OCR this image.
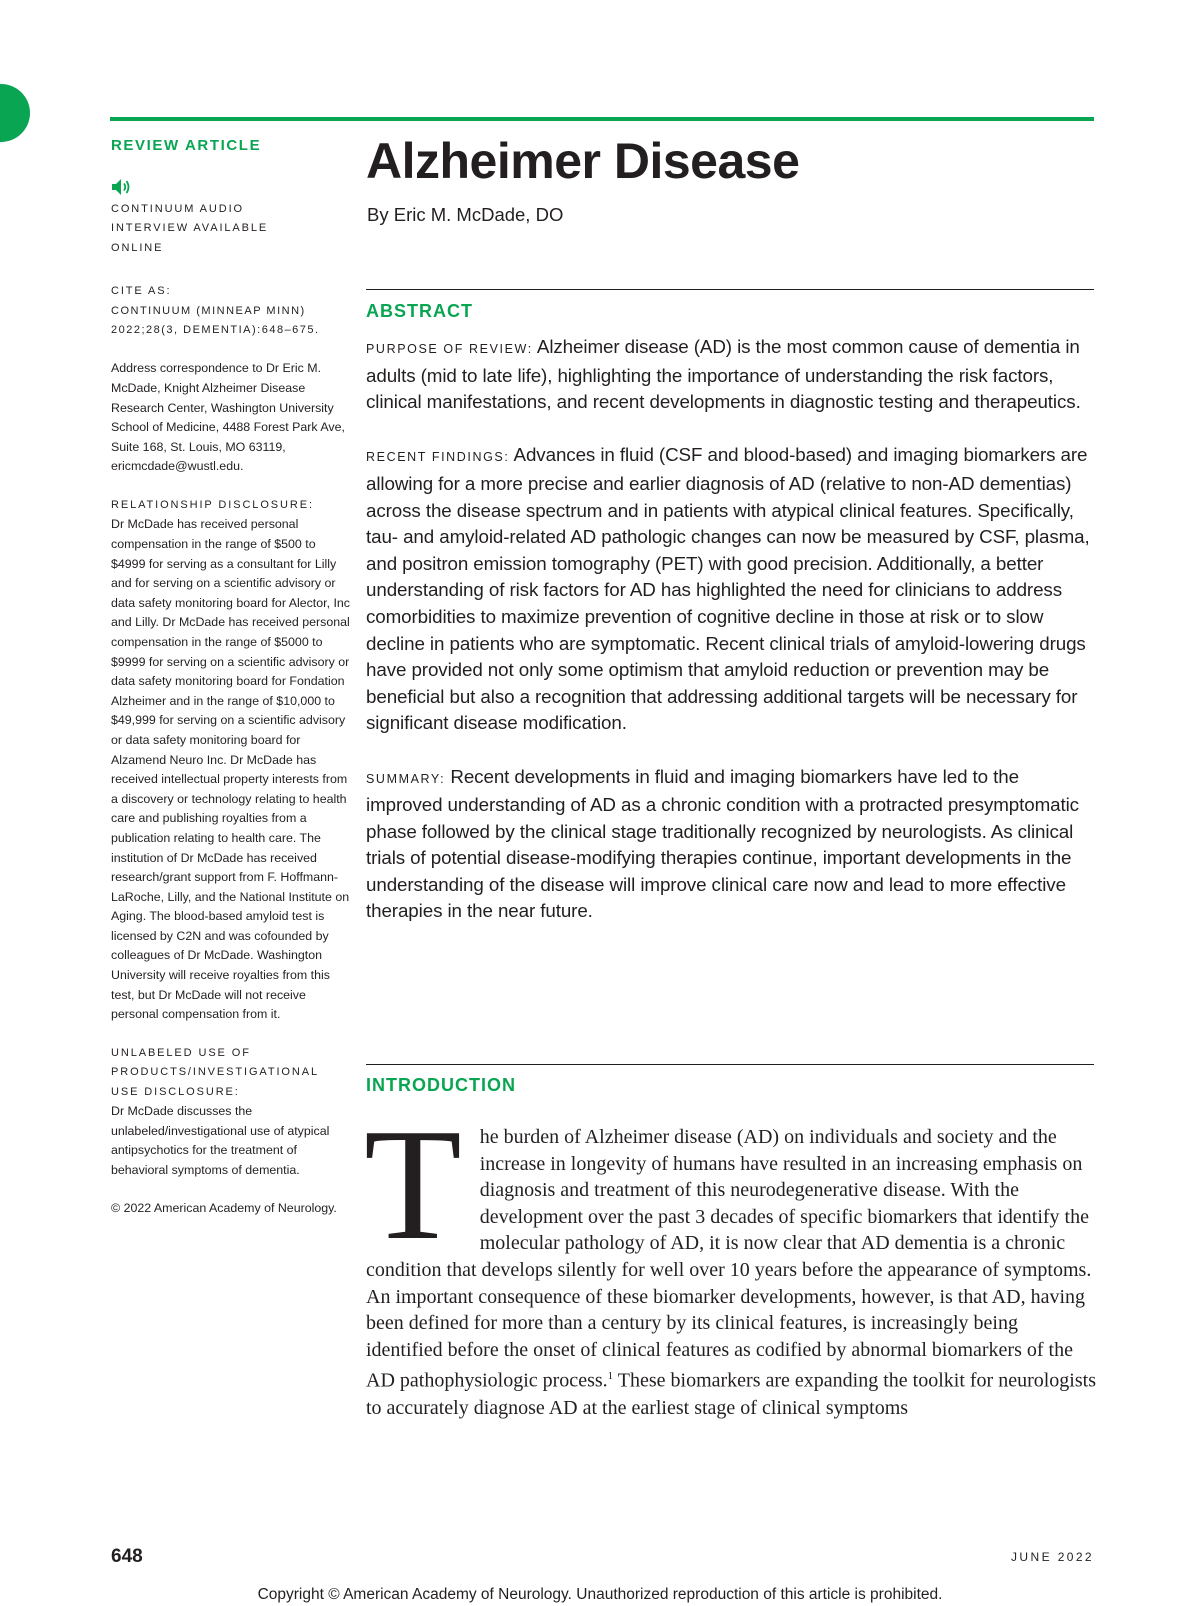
REVIEW ARTICLE
CONTINUUM AUDIO INTERVIEW AVAILABLE ONLINE
CITE AS:
CONTINUUM (MINNEAP MINN)
2022;28(3, DEMENTIA):648–675.

Address correspondence to Dr Eric M. McDade, Knight Alzheimer Disease Research Center, Washington University School of Medicine, 4488 Forest Park Ave, Suite 168, St. Louis, MO 63119, ericmcdade@wustl.edu.

RELATIONSHIP DISCLOSURE:

Dr McDade has received personal compensation in the range of $500 to $4999 for serving as a consultant for Lilly and for serving on a scientific advisory or data safety monitoring board for Alector, Inc and Lilly. Dr McDade has received personal compensation in the range of $5000 to $9999 for serving on a scientific advisory or data safety monitoring board for Fondation Alzheimer and in the range of $10,000 to $49,999 for serving on a scientific advisory or data safety monitoring board for Alzamend Neuro Inc. Dr McDade has received intellectual property interests from a discovery or technology relating to health care and publishing royalties from a publication relating to health care. The institution of Dr McDade has received research/grant support from F. Hoffmann-LaRoche, Lilly, and the National Institute on Aging. The blood-based amyloid test is licensed by C2N and was cofounded by colleagues of Dr McDade. Washington University will receive royalties from this test, but Dr McDade will not receive personal compensation from it.

UNLABELED USE OF PRODUCTS/INVESTIGATIONAL USE DISCLOSURE:

Dr McDade discusses the unlabeled/investigational use of atypical antipsychotics for the treatment of behavioral symptoms of dementia.

© 2022 American Academy of Neurology.

Alzheimer Disease

By Eric M. McDade, DO

ABSTRACT

PURPOSE OF REVIEW: Alzheimer disease (AD) is the most common cause of dementia in adults (mid to late life), highlighting the importance of understanding the risk factors, clinical manifestations, and recent developments in diagnostic testing and therapeutics.

RECENT FINDINGS: Advances in fluid (CSF and blood-based) and imaging biomarkers are allowing for a more precise and earlier diagnosis of AD (relative to non-AD dementias) across the disease spectrum and in patients with atypical clinical features. Specifically, tau- and amyloid-related AD pathologic changes can now be measured by CSF, plasma, and positron emission tomography (PET) with good precision. Additionally, a better understanding of risk factors for AD has highlighted the need for clinicians to address comorbidities to maximize prevention of cognitive decline in those at risk or to slow decline in patients who are symptomatic. Recent clinical trials of amyloid-lowering drugs have provided not only some optimism that amyloid reduction or prevention may be beneficial but also a recognition that addressing additional targets will be necessary for significant disease modification.

SUMMARY: Recent developments in fluid and imaging biomarkers have led to the improved understanding of AD as a chronic condition with a protracted presymptomatic phase followed by the clinical stage traditionally recognized by neurologists. As clinical trials of potential disease-modifying therapies continue, important developments in the understanding of the disease will improve clinical care now and lead to more effective therapies in the near future.

INTRODUCTION

The burden of Alzheimer disease (AD) on individuals and society and the increase in longevity of humans have resulted in an increasing emphasis on diagnosis and treatment of this neurodegenerative disease. With the development over the past 3 decades of specific biomarkers that identify the molecular pathology of AD, it is now clear that AD dementia is a chronic condition that develops silently for well over 10 years before the appearance of symptoms. An important consequence of these biomarker developments, however, is that AD, having been defined for more than a century by its clinical features, is increasingly being identified before the onset of clinical features as codified by abnormal biomarkers of the AD pathophysiologic process.$^1$ These biomarkers are expanding the toolkit for neurologists to accurately diagnose AD at the earliest stage of clinical symptoms

648	JUNE 2022

Copyright © American Academy of Neurology. Unauthorized reproduction of this article is prohibited.
